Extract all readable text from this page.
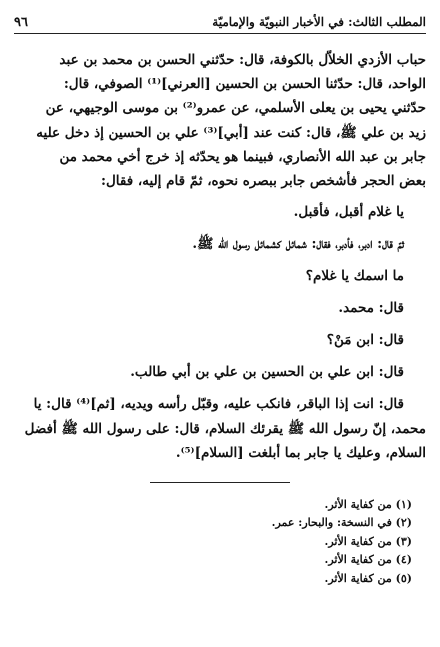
المطلب الثالث: في الأخبار النبويّة والإماميّة
٩٦

حباب الأزدي الخلاّل بالكوفة، قال: حدّثني الحسن بن محمد بن عبد

الواحد، قال: حدّثنا الحسن بن الحسين [العرني]⁽¹⁾ الصوفي، قال:

حدّثني يحيى بن يعلى الأسلمي، عن عمرو⁽²⁾ بن موسى الوجيهي، عن

زيد بن علي ﷺ، قال: كنت عند [أبي]⁽³⁾ علي بن الحسين إذ دخل عليه

جابر بن عبد الله الأنصاري، فبينما هو يحدّثه إذ خرج أخي محمد من

بعض الحجر فأشخص جابر ببصره نحوه، ثمّ قام إليه، فقال:

يا غلام أقبل، فأقبل.

ثمّ قال: ادبر، فأدبر، فقال: شمائل كشمائل رسول الله ﷺ.

ما اسمك يا غلام؟

قال: محمد.

قال: ابن مَنْ؟

قال: ابن علي بن الحسين بن علي بن أبي طالب.

قال: انت إذا الباقر، فانكب عليه، وقبّل رأسه ويديه، [ثم]⁽⁴⁾ قال: يا

محمد، إنّ رسول الله ﷺ يقرئك السلام، قال: على رسول الله ﷺ أفضل

السلام، وعليك يا جابر بما أبلغت [السلام]⁽⁵⁾.

(١) من كفاية الأثر.
(٢) في النسخة: والبحار: عمر.
(٣) من كفاية الأثر.
(٤) من كفاية الأثر.
(٥) من كفاية الأثر.
